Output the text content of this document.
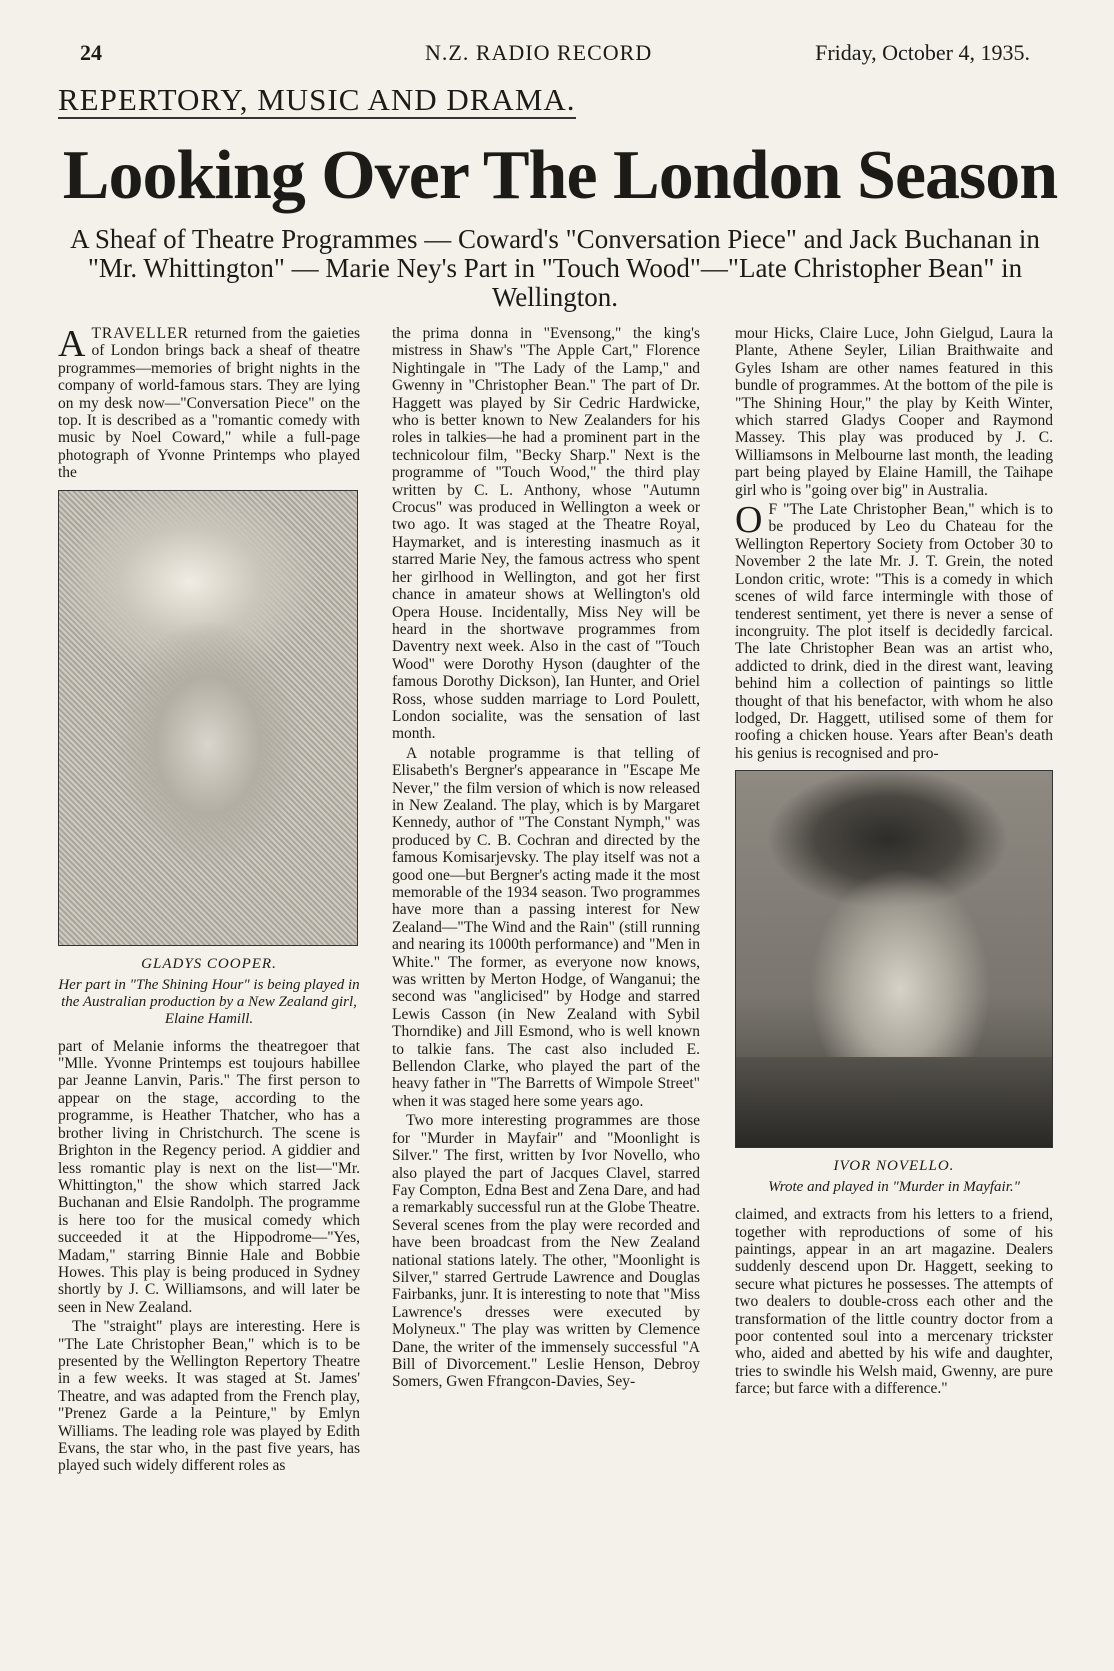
24	N.Z. RADIO RECORD	Friday, October 4, 1935.
REPERTORY, MUSIC AND DRAMA.
Looking Over The London Season
A Sheaf of Theatre Programmes — Coward's "Conversation Piece" and Jack Buchanan in "Mr. Whittington" — Marie Ney's Part in "Touch Wood"—"Late Christopher Bean" in Wellington.

ATRAVELLER returned from the gaieties of London brings back a sheaf of theatre programmes—memories of bright nights in the company of world-famous stars. They are lying on my desk now—"Conversation Piece" on the top. It is described as a "romantic comedy with music by Noel Coward," while a full-page photograph of Yvonne Printemps who played the

GLADYS COOPER.
Her part in "The Shining Hour" is being played in the Australian production by a New Zealand girl, Elaine Hamill.

part of Melanie informs the theatregoer that "Mlle. Yvonne Printemps est toujours habillee par Jeanne Lanvin, Paris." The first person to appear on the stage, according to the programme, is Heather Thatcher, who has a brother living in Christchurch. The scene is Brighton in the Regency period. A giddier and less romantic play is next on the list—"Mr. Whittington," the show which starred Jack Buchanan and Elsie Randolph. The programme is here too for the musical comedy which succeeded it at the Hippodrome—"Yes, Madam," starring Binnie Hale and Bobbie Howes. This play is being produced in Sydney shortly by J. C. Williamsons, and will later be seen in New Zealand.

The "straight" plays are interesting. Here is "The Late Christopher Bean," which is to be presented by the Wellington Repertory Theatre in a few weeks. It was staged at St. James' Theatre, and was adapted from the French play, "Prenez Garde a la Peinture," by Emlyn Williams. The leading role was played by Edith Evans, the star who, in the past five years, has played such widely different roles as

the prima donna in "Evensong," the king's mistress in Shaw's "The Apple Cart," Florence Nightingale in "The Lady of the Lamp," and Gwenny in "Christopher Bean." The part of Dr. Haggett was played by Sir Cedric Hardwicke, who is better known to New Zealanders for his roles in talkies—he had a prominent part in the technicolour film, "Becky Sharp." Next is the programme of "Touch Wood," the third play written by C. L. Anthony, whose "Autumn Crocus" was produced in Wellington a week or two ago. It was staged at the Theatre Royal, Haymarket, and is interesting inasmuch as it starred Marie Ney, the famous actress who spent her girlhood in Wellington, and got her first chance in amateur shows at Wellington's old Opera House. Incidentally, Miss Ney will be heard in the shortwave programmes from Daventry next week. Also in the cast of "Touch Wood" were Dorothy Hyson (daughter of the famous Dorothy Dickson), Ian Hunter, and Oriel Ross, whose sudden marriage to Lord Poulett, London socialite, was the sensation of last month.

A notable programme is that telling of Elisabeth's Bergner's appearance in "Escape Me Never," the film version of which is now released in New Zealand. The play, which is by Margaret Kennedy, author of "The Constant Nymph," was produced by C. B. Cochran and directed by the famous Komisarjevsky. The play itself was not a good one—but Bergner's acting made it the most memorable of the 1934 season. Two programmes have more than a passing interest for New Zealand—"The Wind and the Rain" (still running and nearing its 1000th performance) and "Men in White." The former, as everyone now knows, was written by Merton Hodge, of Wanganui; the second was "anglicised" by Hodge and starred Lewis Casson (in New Zealand with Sybil Thorndike) and Jill Esmond, who is well known to talkie fans. The cast also included E. Bellendon Clarke, who played the part of the heavy father in "The Barretts of Wimpole Street" when it was staged here some years ago.

Two more interesting programmes are those for "Murder in Mayfair" and "Moonlight is Silver." The first, written by Ivor Novello, who also played the part of Jacques Clavel, starred Fay Compton, Edna Best and Zena Dare, and had a remarkably successful run at the Globe Theatre. Several scenes from the play were recorded and have been broadcast from the New Zealand national stations lately. The other, "Moonlight is Silver," starred Gertrude Lawrence and Douglas Fairbanks, junr. It is interesting to note that "Miss Lawrence's dresses were executed by Molyneux." The play was written by Clemence Dane, the writer of the immensely successful "A Bill of Divorcement." Leslie Henson, Debroy Somers, Gwen Ffrangcon-Davies, Sey-

mour Hicks, Claire Luce, John Gielgud, Laura la Plante, Athene Seyler, Lilian Braithwaite and Gyles Isham are other names featured in this bundle of programmes. At the bottom of the pile is "The Shining Hour," the play by Keith Winter, which starred Gladys Cooper and Raymond Massey. This play was produced by J. C. Williamsons in Melbourne last month, the leading part being played by Elaine Hamill, the Taihape girl who is "going over big" in Australia.

O F "The Late Christopher Bean," which is to be produced by Leo du Chateau for the Wellington Repertory Society from October 30 to November 2 the late Mr. J. T. Grein, the noted London critic, wrote: "This is a comedy in which scenes of wild farce intermingle with those of tenderest sentiment, yet there is never a sense of incongruity. The plot itself is decidedly farcical. The late Christopher Bean was an artist who, addicted to drink, died in the direst want, leaving behind him a collection of paintings so little thought of that his benefactor, with whom he also lodged, Dr. Haggett, utilised some of them for roofing a chicken house. Years after Bean's death his genius is recognised and pro-

IVOR NOVELLO.
Wrote and played in "Murder in Mayfair."

claimed, and extracts from his letters to a friend, together with reproductions of some of his paintings, appear in an art magazine. Dealers suddenly descend upon Dr. Haggett, seeking to secure what pictures he possesses. The attempts of two dealers to double-cross each other and the transformation of the little country doctor from a poor contented soul into a mercenary trickster who, aided and abetted by his wife and daughter, tries to swindle his Welsh maid, Gwenny, are pure farce; but farce with a difference."
